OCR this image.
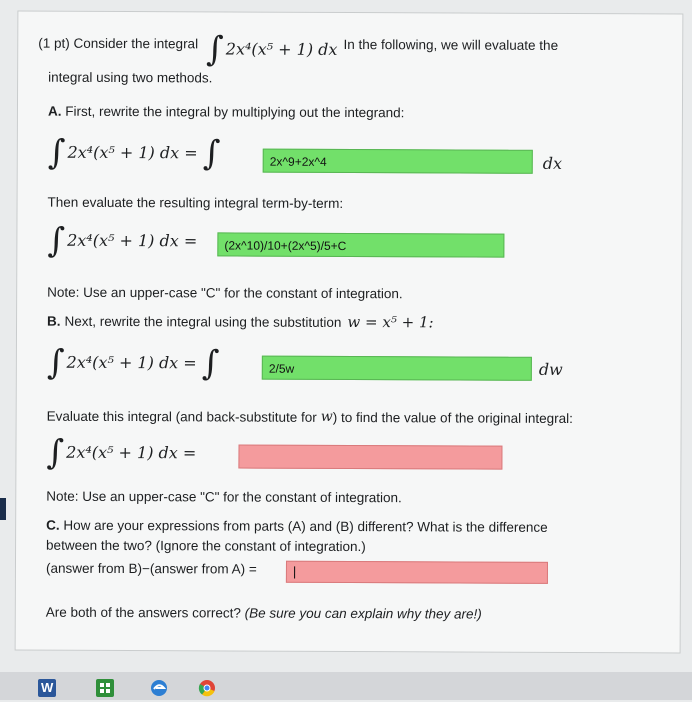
(1 pt) Consider the integral ∫ 2x⁴(x⁵ + 1) dx In the following, we will evaluate the
integral using two methods.
A. First, rewrite the integral by multiplying out the integrand:
∫ 2x⁴(x⁵ + 1) dx = ∫	2x^9+2x^4	dx
Then evaluate the resulting integral term-by-term:
∫ 2x⁴(x⁵ + 1) dx =	(2x^10)/10+(2x^5)/5+C
Note: Use an upper-case "C" for the constant of integration.
B. Next, rewrite the integral using the substitution w = x⁵ + 1:
∫ 2x⁴(x⁵ + 1) dx = ∫	2/5w	dw
Evaluate this integral (and back-substitute for w ) to find the value of the original integral:
∫ 2x⁴(x⁵ + 1) dx =
Note: Use an upper-case "C" for the constant of integration.
C. How are your expressions from parts (A) and (B) different? What is the difference
between the two? (Ignore the constant of integration.)
(answer from B)−(answer from A) =	|
Are both of the answers correct? (Be sure you can explain why they are!)
W
